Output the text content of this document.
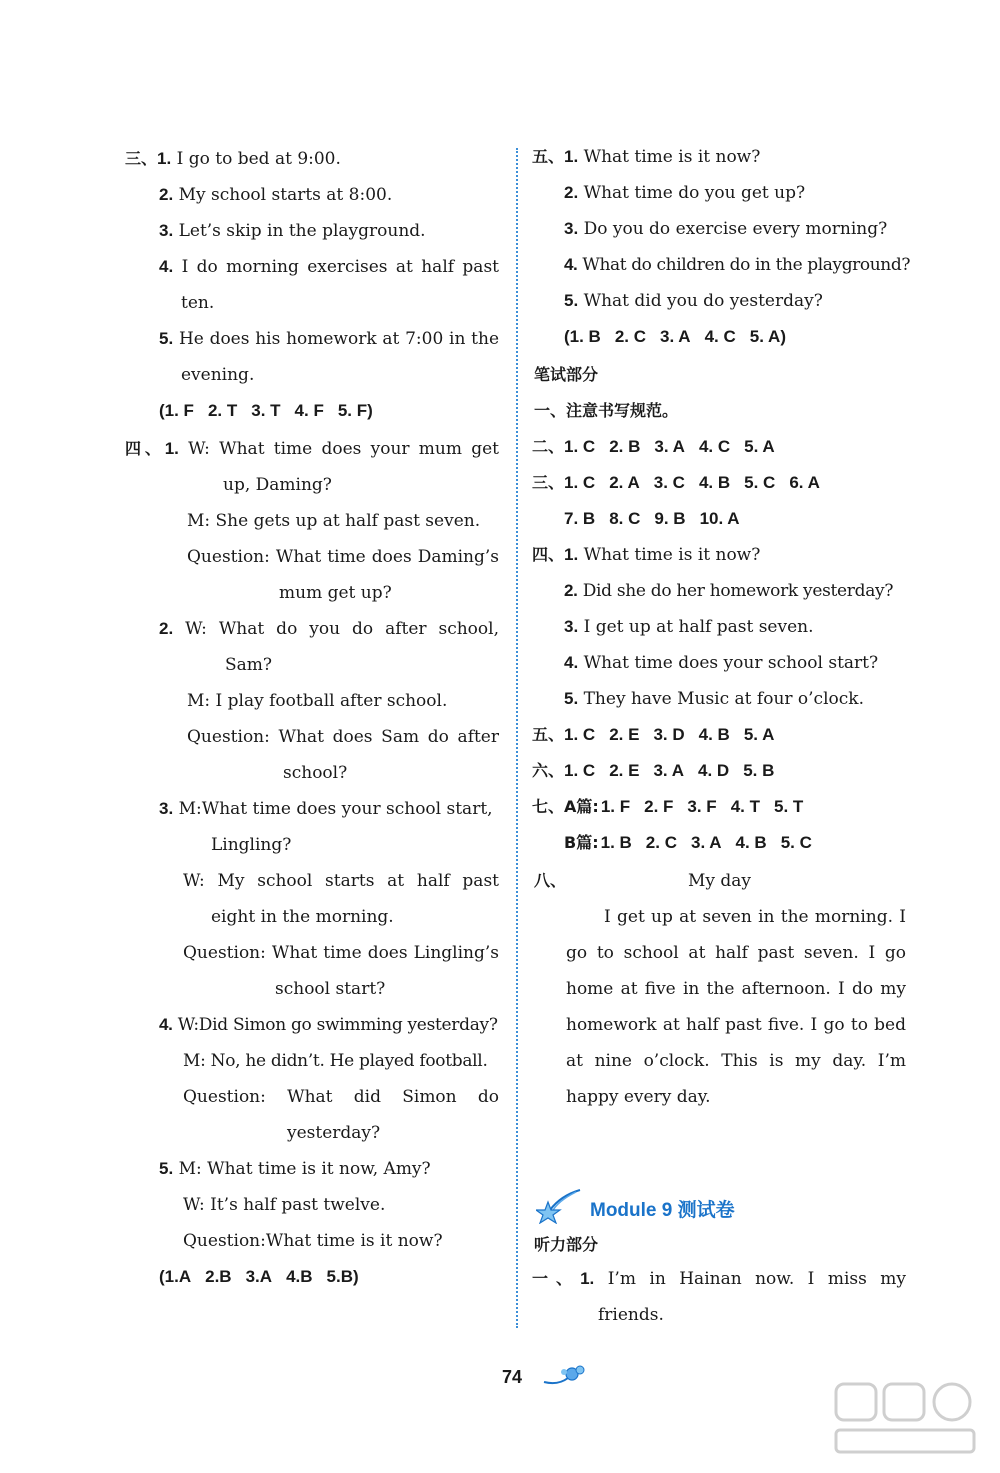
三、1. I go to bed at 9:00.
2. My school starts at 8:00.
3. Let’s skip in the playground.
4. I do morning exercises at half past
ten.
5. He does his homework at 7:00 in the
evening.
(1. F 2. T 3. T 4. F 5. F)
四、1. W: What time does your mum get
up, Daming?
M: She gets up at half past seven.
Question: What time does Daming’s
mum get up?
2. W: What do you do after school,
Sam?
M: I play football after school.
Question: What does Sam do after
school?
3. M:What time does your school start,
Lingling?
W: My school starts at half past
eight in the morning.
Question: What time does Lingling’s
school start?
4. W:Did Simon go swimming yesterday?
M: No, he didn’t. He played football.
Question: What did Simon do
yesterday?
5. M: What time is it now, Amy?
W: It’s half past twelve.
Question:What time is it now?
(1.A 2.B 3.A 4.B 5.B)
五、1. What time is it now?
2. What time do you get up?
3. Do you do exercise every morning?
4. What do children do in the playground?
5. What did you do yesterday?
(1. B 2. C 3. A 4. C 5. A)
笔试部分
一、注意书写规范。
二、1. C 2. B 3. A 4. C 5. A
三、1. C 2. A 3. C 4. B 5. C 6. A
7. B 8. C 9. B 10. A
四、1. What time is it now?
2. Did she do her homework yesterday?
3. I get up at half past seven.
4. What time does your school start?
5. They have Music at four o’clock.
五、1. C 2. E 3. D 4. B 5. A
六、1. C 2. E 3. A 4. D 5. B
七、A篇: 1. F 2. F 3. F 4. T 5. T
B篇: 1. B 2. C 3. A 4. B 5. C
八、	My day
I get up at seven in the morning. I
go to school at half past seven. I go
home at five in the afternoon. I do my
homework at half past five. I go to bed
at nine o’clock. This is my day. I’m
happy every day.
听力部分
一、1. I’m in Hainan now. I miss my
friends.
Module 9 测试卷
74
